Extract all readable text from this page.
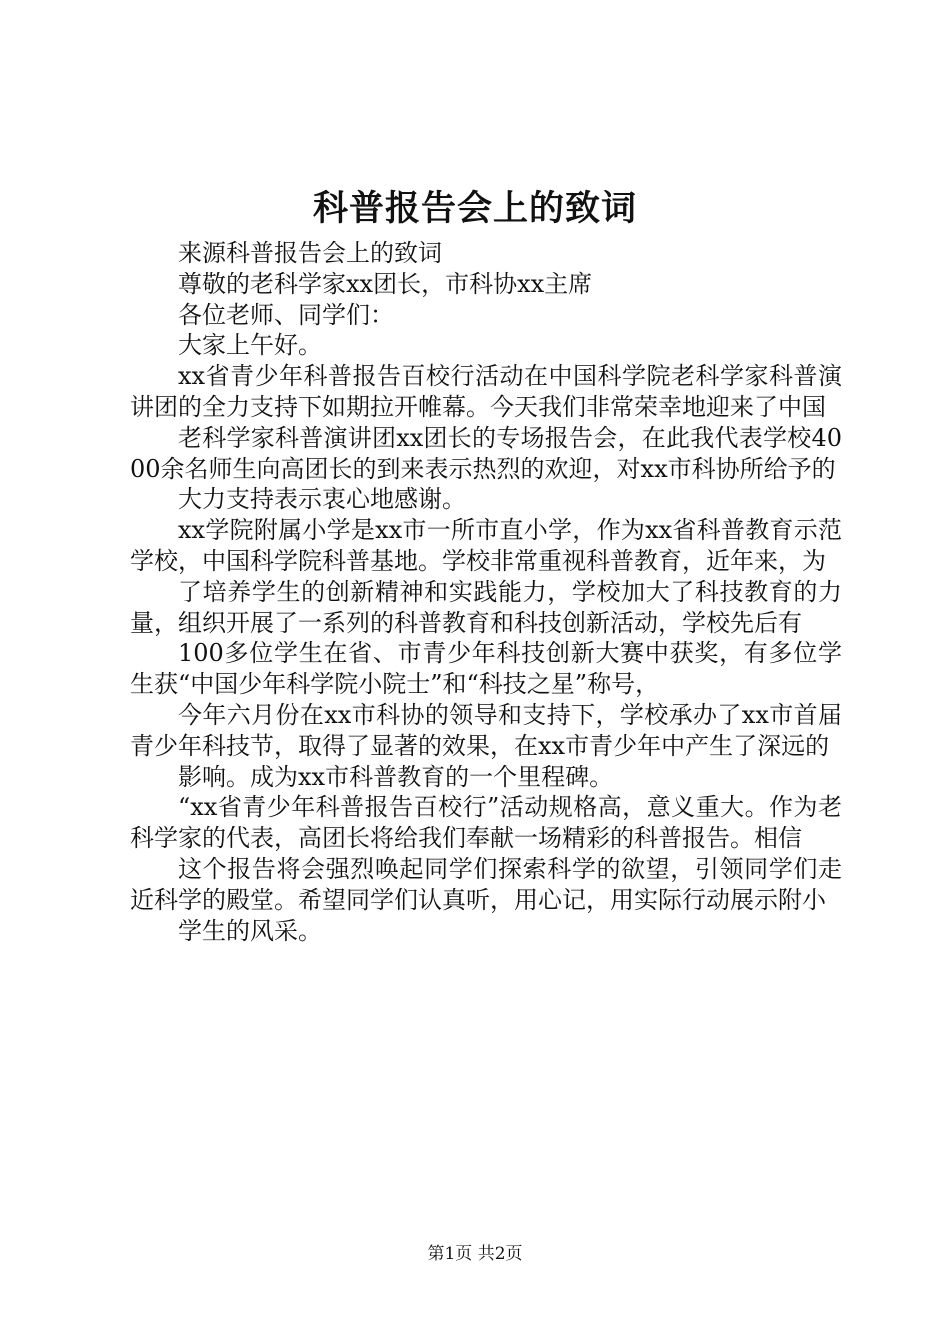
科普报告会上的致词

来源科普报告会上的致词

尊敬的老科学家xx团长，市科协xx主席

各位老师、同学们：

大家上午好。

xx省青少年科普报告百校行活动在中国科学院老科学家科普演讲团的全力支持下如期拉开帷幕。今天我们非常荣幸地迎来了中国

老科学家科普演讲团xx团长的专场报告会，在此我代表学校4000余名师生向高团长的到来表示热烈的欢迎，对xx市科协所给予的

大力支持表示衷心地感谢。

xx学院附属小学是xx市一所市直小学，作为xx省科普教育示范学校，中国科学院科普基地。学校非常重视科普教育，近年来，为

了培养学生的创新精神和实践能力，学校加大了科技教育的力量，组织开展了一系列的科普教育和科技创新活动，学校先后有

100多位学生在省、市青少年科技创新大赛中获奖，有多位学生获“中国少年科学院小院士”和“科技之星”称号，

今年六月份在xx市科协的领导和支持下，学校承办了xx市首届青少年科技节，取得了显著的效果，在xx市青少年中产生了深远的

影响。成为xx市科普教育的一个里程碑。

“xx省青少年科普报告百校行”活动规格高，意义重大。作为老科学家的代表，高团长将给我们奉献一场精彩的科普报告。相信

这个报告将会强烈唤起同学们探索科学的欲望，引领同学们走近科学的殿堂。希望同学们认真听，用心记，用实际行动展示附小

学生的风采。

第1页 共2页
